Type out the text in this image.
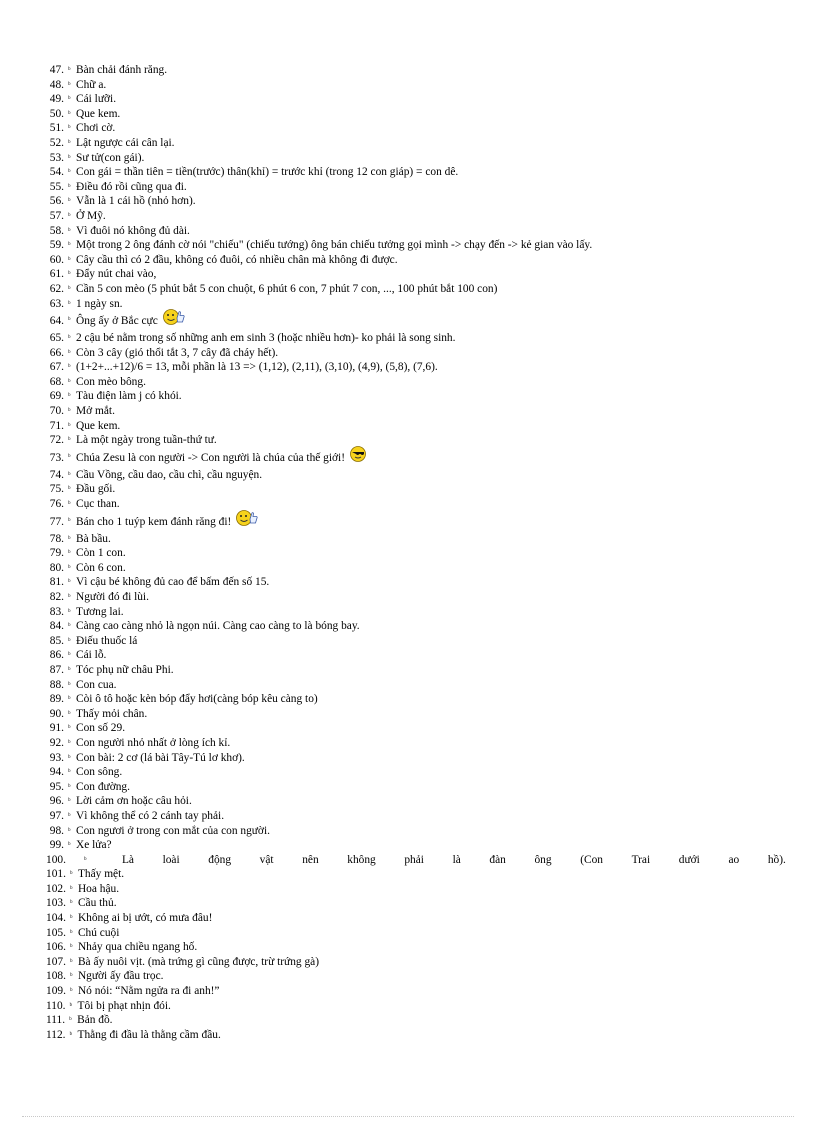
47. ᵇ Bàn chải đánh răng.
48. ᵇ Chữ a.
49. ᵇ Cái lưỡi.
50. ᵇ Que kem.
51. ᵇ Chơi cờ.
52. ᵇ Lật ngược cái cân lại.
53. ᵇ Sư tử(con gái).
54. ᵇ Con gái = thần tiên = tiền(trước) thân(khỉ) = trước khỉ (trong 12 con giáp) = con dê.
55. ᵇ Điều đó rồi cũng qua đi.
56. ᵇ Vẫn là 1 cái hồ (nhỏ hơn).
57. ᵇ Ở Mỹ.
58. ᵇ Vì đuôi nó không đủ dài.
59. ᵇ Một trong 2 ông đánh cờ nói "chiếu" (chiếu tướng) ông bán chiếu tưởng gọi mình -> chạy đến -> kẻ gian vào lấy.
60. ᵇ Cây cầu thì có 2 đầu, không có đuôi, có nhiều chân mà không đi được.
61. ᵇ Đẩy nút chai vào,
62. ᵇ Cần 5 con mèo (5 phút bắt 5 con chuột, 6 phút 6 con, 7 phút 7 con, ..., 100 phút bắt 100 con)
63. ᵇ 1 ngày sn.
64. ᵇ Ông ấy ở Bắc cực
65. ᵇ 2 cậu bé nằm trong số những anh em sinh 3 (hoặc nhiều hơn)- ko phải là song sinh.
66. ᵇ Còn 3 cây (gió thổi tắt 3, 7 cây đã cháy hết).
67. ᵇ (1+2+...+12)/6 = 13, mỗi phần là 13 => (1,12), (2,11), (3,10), (4,9), (5,8), (7,6).
68. ᵇ Con mèo bông.
69. ᵇ Tàu điện làm j có khói.
70. ᵇ Mở mắt.
71. ᵇ Que kem.
72. ᵇ Là một ngày trong tuần-thứ tư.
73. ᵇ Chúa Zesu là con người -> Con người là chúa của thế giới!
74. ᵇ Cầu Vồng, cầu dao, cầu chì, cầu nguyện.
75. ᵇ Đầu gối.
76. ᵇ Cục than.
77. ᵇ Bán cho 1 tuýp kem đánh răng đi!
78. ᵇ Bà bầu.
79. ᵇ Còn 1 con.
80. ᵇ Còn 6 con.
81. ᵇ Vì cậu bé không đủ cao để bấm đến số 15.
82. ᵇ Người đó đi lùi.
83. ᵇ Tương lai.
84. ᵇ Càng cao càng nhỏ là ngọn núi. Càng cao càng to là bóng bay.
85. ᵇ Điếu thuốc lá
86. ᵇ Cái lỗ.
87. ᵇ Tóc phụ nữ châu Phi.
88. ᵇ Con cua.
89. ᵇ Còi ô tô hoặc kèn bóp đẩy hơi(càng bóp kêu càng to)
90. ᵇ Thấy mỏi chân.
91. ᵇ Con số 29.
92. ᵇ Con người nhỏ nhất ở lòng ích kỉ.
93. ᵇ Con bài: 2 cơ (lá bài Tây-Tú lơ khơ).
94. ᵇ Con sông.
95. ᵇ Con đường.
96. ᵇ Lời cảm ơn hoặc câu hỏi.
97. ᵇ Vì không thể có 2 cánh tay phải.
98. ᵇ Con ngươi ở trong con mắt của con người.
99. ᵇ Xe lửa?
100. ᵇ	Là	loài	động	vật	nên	không	phải	là	đàn	ông	(Con	Trai	dưới	ao	hồ).
101. ᵇ Thấy mệt.
102. ᵇ Hoa hậu.
103. ᵇ Cầu thủ.
104. ᵇ Không ai bị ướt, có mưa đâu!
105. ᵇ Chú cuội
106. ᵇ Nhảy qua chiều ngang hố.
107. ᵇ Bà ấy nuôi vịt. (mà trứng gì cũng được, trừ trứng gà)
108. ᵇ Người ấy đầu trọc.
109. ᵇ Nó nói: “Nằm ngửa ra đi anh!”
110. ᵇ Tôi bị phạt nhịn đói.
111. ᵇ Bản đồ.
112. ᵇ Thằng đi đầu là thằng cầm đầu.
